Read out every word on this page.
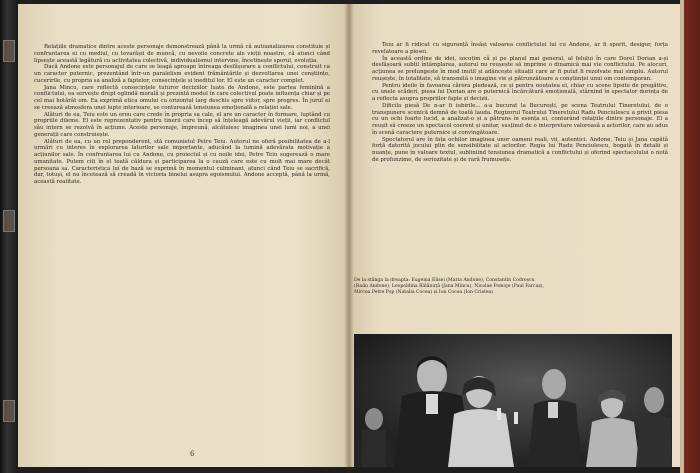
Relațiile dramatice dintre aceste personaje demonstrează până la urmă că autoanalizarea constituie și confruntarea ei cu mediul, cu tovarășii de muncă, cu nevoile concrete ale vieții noastre, că atunci când lipsește această legătură cu activitatea colectivă, individualismul intervine, încetinește sporul, evoluția.

Dacă Andone este personajul de care se leagă aproape întreaga desfășurare a conflictului, construit ca un caracter puternic, prezentând într-un paralelism evident frământările și dezvoltarea unei conștiințe, cuceririle, cu propria sa analiză a faptelor, consecințele și ineditul lor. El este un caracter complet.

Jana Mincu, care reflectă consecințele tuturor deciziilor luate de Andone, este partea feminină a conflictului, ea servește drept oglindă morală și prezintă modul în care colectivul poate influența chiar și pe cel mai hotărât om. Ea exprimă etica omului cu orizontul larg deschis spre viitor, spre progres. În jurul ei se creează atmosfera unei lupte interioare, se conturează tensiunea emoțională a relației sale.

Alături de ea, Teiu este un erou care crede în propria sa cale, el are un caracter în formare, luptând cu propriile dileme. El este reprezentativ pentru tinerii care încep să înțeleagă adevărul vieții, iar conflictul său intern se rezolvă în acțiune. Aceste personaje, împreună, alcătuiesc imaginea unei lumi noi, a unei generații care construiește.

Alături de ea, cu un rol preponderent, stă comunistul Petre Teiu. Autorul ne oferă posibilitatea de a-l urmări cu interes în explorarea laturilor sale importante, aducând la lumină adevărata motivație a acțiunilor sale. În confruntarea lui cu Andone, cu proiectul și cu noile idei, Petre Teiu sugerează o mare umanitate. Putem citi în el toată căldura și participarea la o cauză care este cu mult mai mare decât persoana sa. Caracteristica lui de bază se exprimă în momentul culminant, atunci când Teiu se sacrifică, dar, totuși, el nu încetează să creadă în victoria binelui asupra egoismului. Andone acceptă, până la urmă, această realitate.

6

Teiu ar fi ridicat cu siguranță însăși valoarea conflictului lui cu Andone, ar fi sporit, desigur, forța revelatoare a piesei.

În această ordine de idei, socotim că și pe planul mai general, al felului în care Dorel Dorian a-și desfășoară subtil întâmplarea, autorul nu reușește să imprime o dinamică mai vie conflictului. Pe alocuri, acțiunea se prelungește în mod inutil și adâncește situații care ar fi putut fi rezolvate mai simplu. Autorul reușește, în totalitate, să transmită o imagine vie și pătrunzătoare a conștiinței unui om contemporan.

Pentru ideile în favoarea cărora pledează, ce și pentru noutatea ei, chiar cu scene lipsite de pregătire, cu unele scăderi, piesa lui Dorian are o puternică încărcătură emoțională, stârnind în spectator dorința de a reflecta asupra propriilor fapte și decizii.

Dificila piesă De n-ar fi iubirile... a-a bucurat la București, pe scena Teatrului Tineretului, de o transpunere scenică demnă de toată lauda. Regizorul Teatrului Tineretului Radu Penciulescu a privit piesa cu un ochi foarte lucid, a analizat-o și a pătruns în esența ei, conturând relațiile dintre personaje. El a reușit să creeze un spectacol coerent și unitar, susținut de o interpretare valoroasă a actorilor, care au adus în scenă caractere puternice și convingătoare.

Spectatorul are în fața ochilor imaginea unor oameni reali, vii, autentici. Andone, Teiu și Jana capătă forță datorită jocului plin de sensibilitate al actorilor. Regia lui Radu Penciulescu, bogată în detalii și nuanțe, pune în valoare textul, subliniind tensiunea dramatică a conflictului și oferind spectacolului o notă de profunzime, de seriozitate și de rară frumusețe.

De la stânga la dreapta: Eugenia Elisei (Maria Andone), Constantin Codrescu (Radu Andone), Leopoldina Bălănuță (Jana Mincu), Nicolae Pomoje (Paul Farcaș), Mircea Petre Pop (Natalia Cocea) și Ion Cocea (Ion Cristea)
